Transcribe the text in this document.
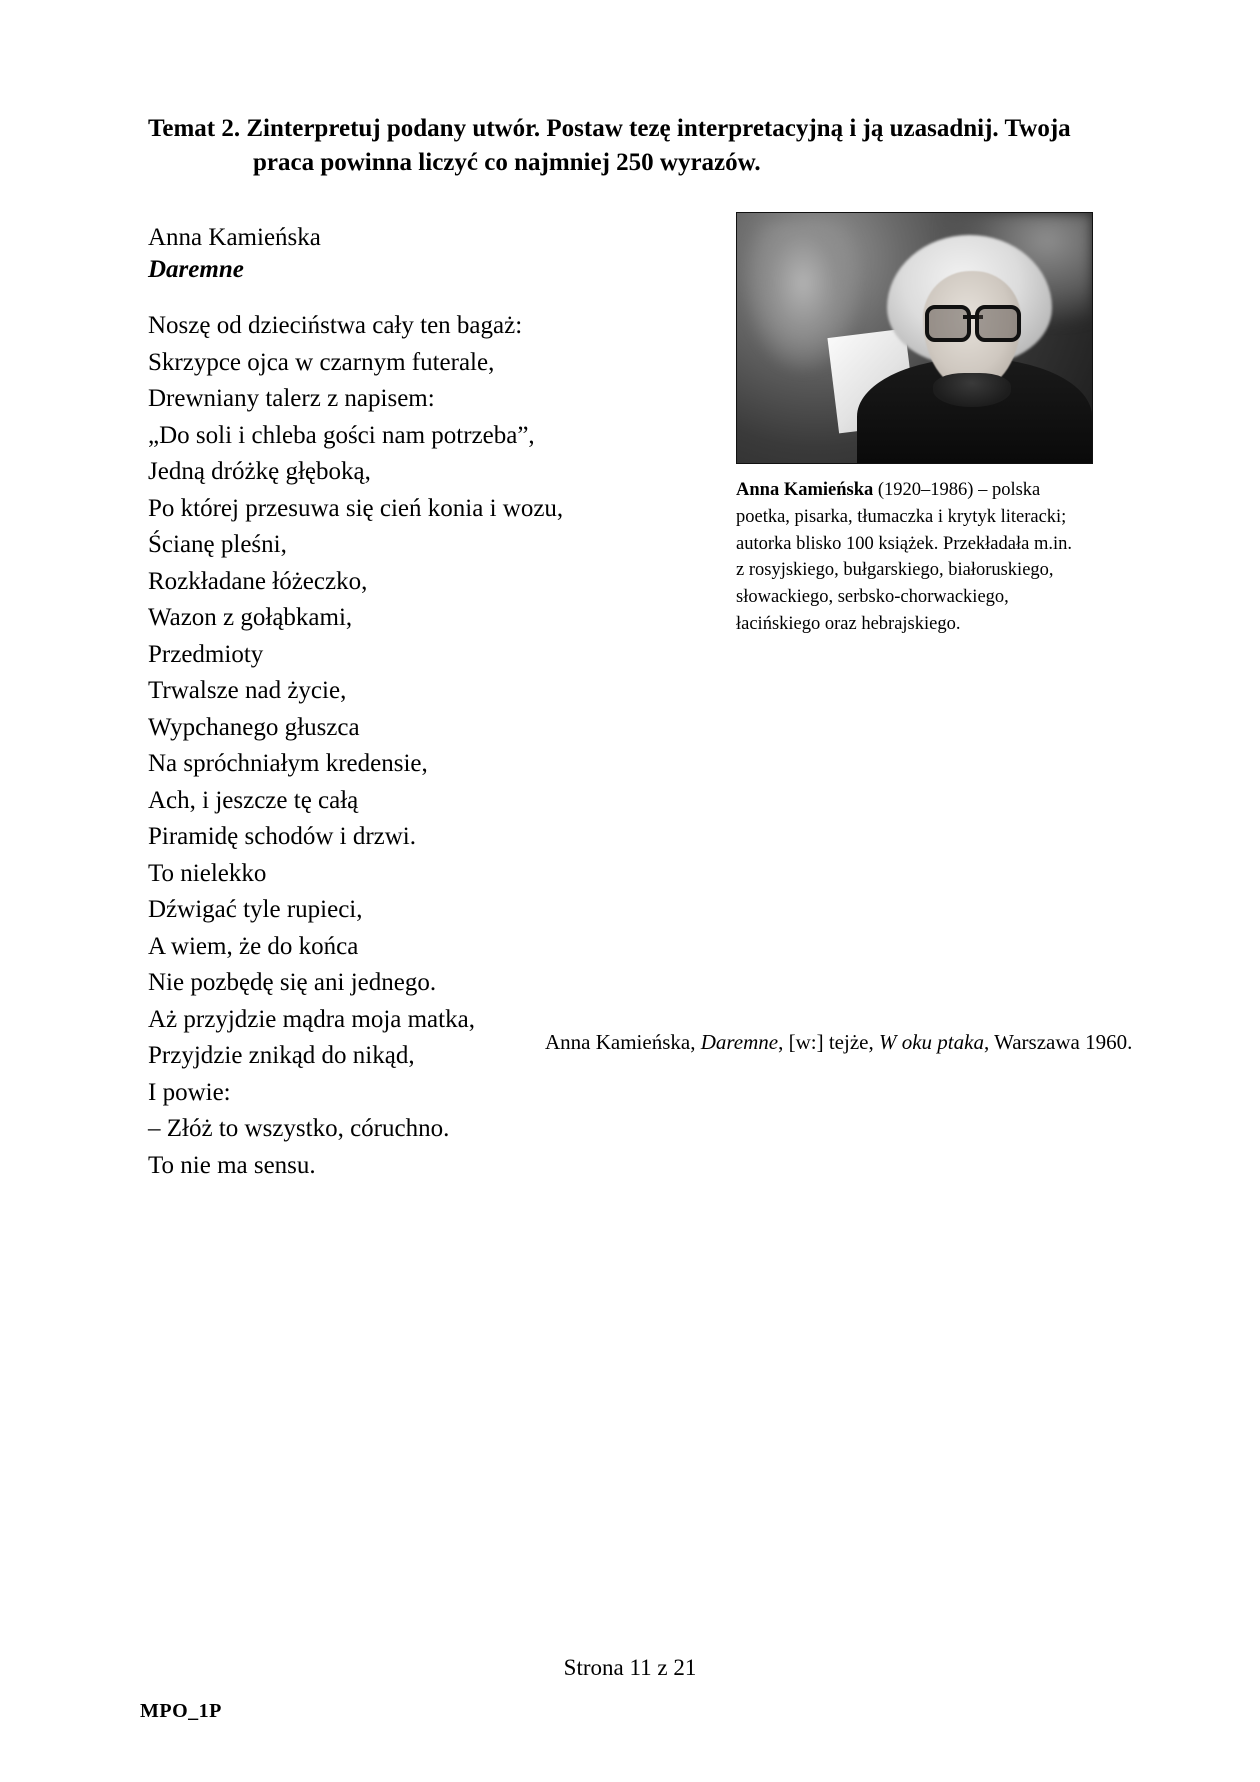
Temat 2. Zinterpretuj podany utwór. Postaw tezę interpretacyjną i ją uzasadnij. Twoja
praca powinna liczyć co najmniej 250 wyrazów.
Anna Kamieńska
Daremne
Noszę od dzieciństwa cały ten bagaż:
Skrzypce ojca w czarnym futerale,
Drewniany talerz z napisem:
„Do soli i chleba gości nam potrzeba”,
Jedną dróżkę głęboką,
Po której przesuwa się cień konia i wozu,
Ścianę pleśni,
Rozkładane łóżeczko,
Wazon z gołąbkami,
Przedmioty
Trwalsze nad życie,
Wypchanego głuszca
Na spróchniałym kredensie,
Ach, i jeszcze tę całą
Piramidę schodów i drzwi.
To nielekko
Dźwigać tyle rupieci,
A wiem, że do końca
Nie pozbędę się ani jednego.
Aż przyjdzie mądra moja matka,
Przyjdzie znikąd do nikąd,
I powie:
– Złóż to wszystko, córuchno.
To nie ma sensu.
Anna Kamieńska (1920–1986) – polska poetka, pisarka, tłumaczka i krytyk literacki; autorka blisko 100 książek. Przekładała m.in. z rosyjskiego, bułgarskiego, białoruskiego, słowackiego, serbsko-chorwackiego, łacińskiego oraz hebrajskiego.
Anna Kamieńska, Daremne, [w:] tejże, W oku ptaka, Warszawa 1960.
Strona 11 z 21
MPO_1P
